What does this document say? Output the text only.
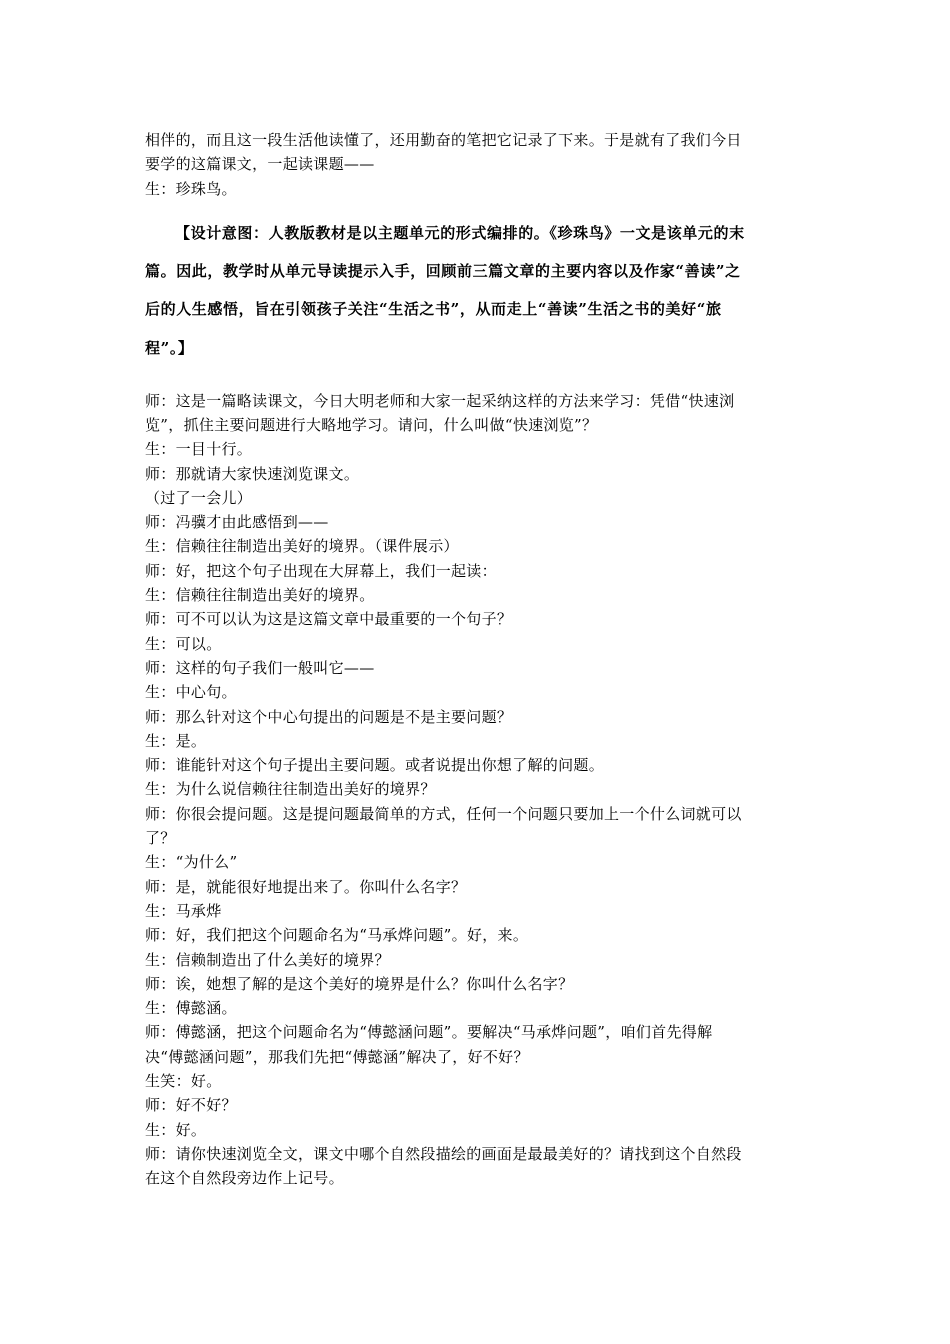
相伴的，而且这一段生活他读懂了，还用勤奋的笔把它记录了下来。于是就有了我们今日
要学的这篇课文，一起读课题——
生：珍珠鸟。
【设计意图：人教版教材是以主题单元的形式编排的。《珍珠鸟》一文是该单元的末
篇。因此，教学时从单元导读提示入手，回顾前三篇文章的主要内容以及作家“善读”之
后的人生感悟，旨在引领孩子关注“生活之书”，从而走上“善读”生活之书的美好“旅
程”。】
师：这是一篇略读课文，今日大明老师和大家一起采纳这样的方法来学习：凭借“快速浏
览”，抓住主要问题进行大略地学习。请问，什么叫做“快速浏览”？
生：一目十行。
师：那就请大家快速浏览课文。
（过了一会儿）
师：冯骥才由此感悟到——
生：信赖往往制造出美好的境界。（课件展示）
师：好，把这个句子出现在大屏幕上，我们一起读：
生：信赖往往制造出美好的境界。
师：可不可以认为这是这篇文章中最重要的一个句子？
生：可以。
师：这样的句子我们一般叫它——
生：中心句。
师：那么针对这个中心句提出的问题是不是主要问题？
生：是。
师：谁能针对这个句子提出主要问题。或者说提出你想了解的问题。
生：为什么说信赖往往制造出美好的境界？
师：你很会提问题。这是提问题最简单的方式，任何一个问题只要加上一个什么词就可以
了？
生：“为什么”
师：是，就能很好地提出来了。你叫什么名字？
生：马承烨
师：好，我们把这个问题命名为“马承烨问题”。好，来。
生：信赖制造出了什么美好的境界？
师：诶，她想了解的是这个美好的境界是什么？你叫什么名字？
生：傅懿涵。
师：傅懿涵，把这个问题命名为“傅懿涵问题”。要解决“马承烨问题”，咱们首先得解
决“傅懿涵问题”，那我们先把“傅懿涵”解决了，好不好？
生笑：好。
师：好不好？
生：好。
师：请你快速浏览全文，课文中哪个自然段描绘的画面是最最美好的？请找到这个自然段
在这个自然段旁边作上记号。
